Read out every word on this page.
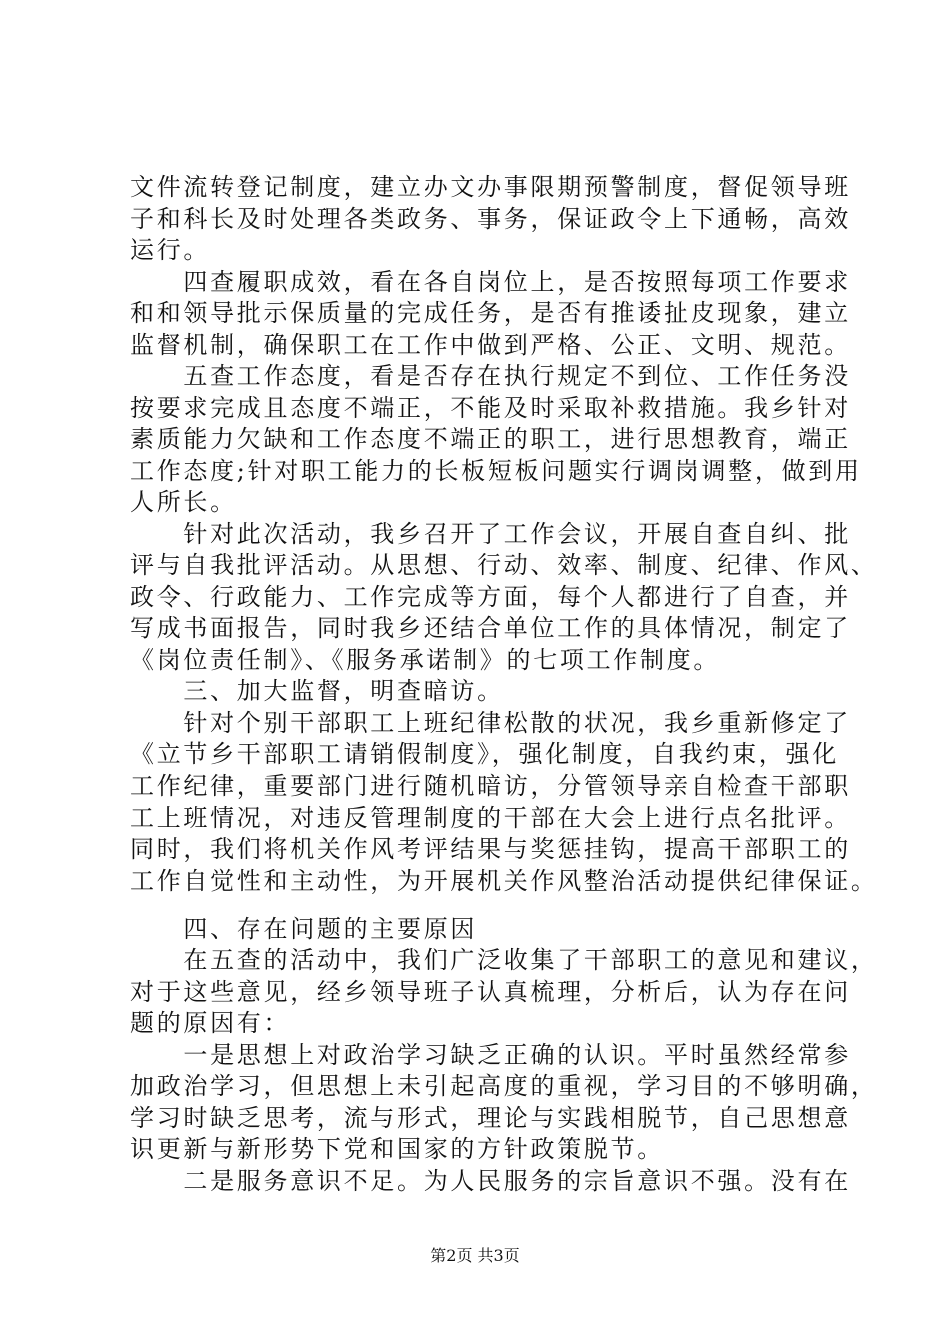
文件流转登记制度，建立办文办事限期预警制度，督促领导班
子和科长及时处理各类政务、事务，保证政令上下通畅，高效
运行。
　　四查履职成效，看在各自岗位上，是否按照每项工作要求
和和领导批示保质量的完成任务，是否有推诿扯皮现象，建立
监督机制，确保职工在工作中做到严格、公正、文明、规范。
　　五查工作态度，看是否存在执行规定不到位、工作任务没
按要求完成且态度不端正，不能及时采取补救措施。我乡针对
素质能力欠缺和工作态度不端正的职工，进行思想教育，端正
工作态度;针对职工能力的长板短板问题实行调岗调整，做到用
人所长。
　　针对此次活动，我乡召开了工作会议，开展自查自纠、批
评与自我批评活动。从思想、行动、效率、制度、纪律、作风、
政令、行政能力、工作完成等方面，每个人都进行了自查，并
写成书面报告，同时我乡还结合单位工作的具体情况，制定了
《岗位责任制》、《服务承诺制》的七项工作制度。
　　三、加大监督，明查暗访。
　　针对个别干部职工上班纪律松散的状况，我乡重新修定了
《立节乡干部职工请销假制度》，强化制度，自我约束，强化
工作纪律，重要部门进行随机暗访，分管领导亲自检查干部职
工上班情况，对违反管理制度的干部在大会上进行点名批评。
同时，我们将机关作风考评结果与奖惩挂钩，提高干部职工的
工作自觉性和主动性，为开展机关作风整治活动提供纪律保证。
　　四、存在问题的主要原因
　　在五查的活动中，我们广泛收集了干部职工的意见和建议，
对于这些意见，经乡领导班子认真梳理，分析后，认为存在问
题的原因有：
　　一是思想上对政治学习缺乏正确的认识。平时虽然经常参
加政治学习，但思想上未引起高度的重视，学习目的不够明确，
学习时缺乏思考，流与形式，理论与实践相脱节，自己思想意
识更新与新形势下党和国家的方针政策脱节。
　　二是服务意识不足。为人民服务的宗旨意识不强。没有在
第2页 共3页
